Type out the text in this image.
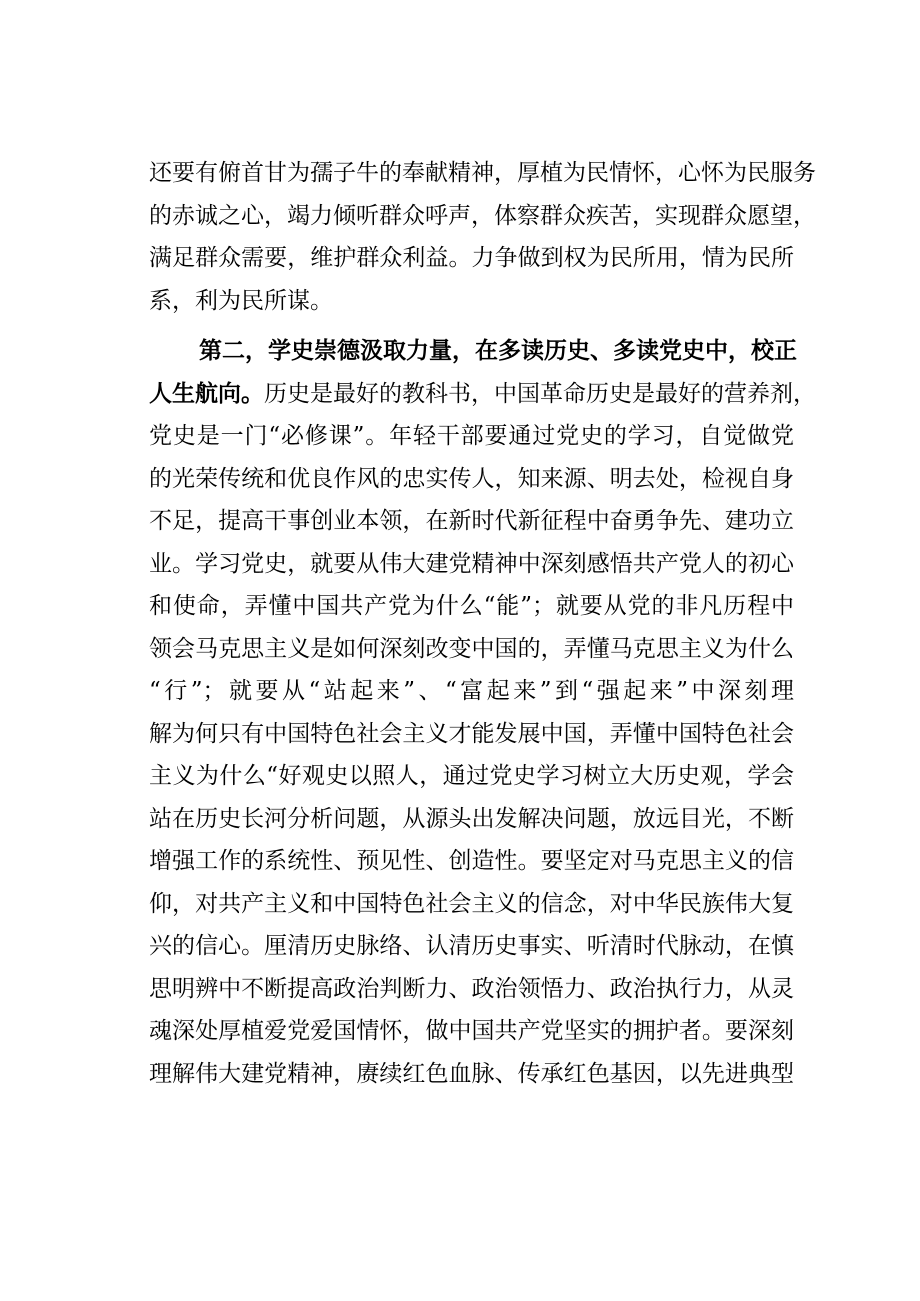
还要有俯首甘为孺子牛的奉献精神，厚植为民情怀，心怀为民服务
的赤诚之心，竭力倾听群众呼声，体察群众疾苦，实现群众愿望，
满足群众需要，维护群众利益。力争做到权为民所用，情为民所
系，利为民所谋。
第二，学史崇德汲取力量，在多读历史、多读党史中，校正
人生航向。历史是最好的教科书，中国革命历史是最好的营养剂，
党史是一门“必修课”。年轻干部要通过党史的学习，自觉做党
的光荣传统和优良作风的忠实传人，知来源、明去处，检视自身
不足，提高干事创业本领，在新时代新征程中奋勇争先、建功立
业。学习党史，就要从伟大建党精神中深刻感悟共产党人的初心
和使命，弄懂中国共产党为什么“能”；就要从党的非凡历程中
领会马克思主义是如何深刻改变中国的，弄懂马克思主义为什么
“行”；就要从“站起来”、“富起来”到“强起来”中深刻理
解为何只有中国特色社会主义才能发展中国，弄懂中国特色社会
主义为什么“好观史以照人，通过党史学习树立大历史观，学会
站在历史长河分析问题，从源头出发解决问题，放远目光，不断
增强工作的系统性、预见性、创造性。要坚定对马克思主义的信
仰，对共产主义和中国特色社会主义的信念，对中华民族伟大复
兴的信心。厘清历史脉络、认清历史事实、听清时代脉动，在慎
思明辨中不断提高政治判断力、政治领悟力、政治执行力，从灵
魂深处厚植爱党爱国情怀，做中国共产党坚实的拥护者。要深刻
理解伟大建党精神，赓续红色血脉、传承红色基因，以先进典型
